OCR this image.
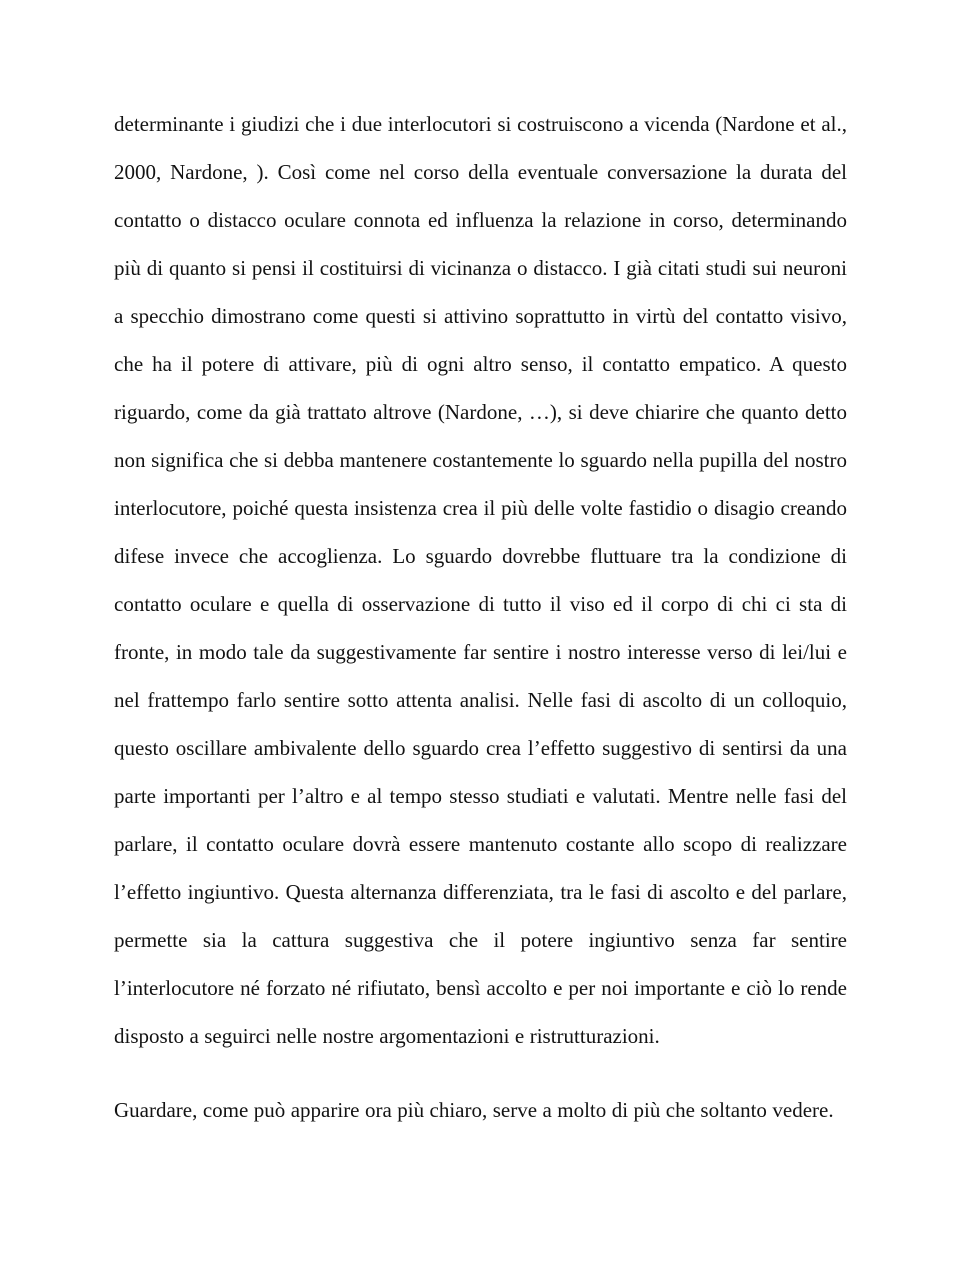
determinante i giudizi che i due interlocutori si costruiscono a vicenda (Nardone et al., 2000, Nardone, ). Così come nel corso della eventuale conversazione la durata del contatto o distacco oculare connota ed influenza la relazione in corso, determinando più di quanto si pensi il costituirsi di vicinanza o distacco. I già citati studi sui neuroni a specchio dimostrano come questi si attivino soprattutto in virtù del contatto visivo, che ha il potere di attivare, più di ogni altro senso, il contatto empatico. A questo riguardo, come da già trattato altrove (Nardone, …), si deve chiarire che quanto detto non significa che si debba mantenere costantemente lo sguardo nella pupilla del nostro interlocutore, poiché questa insistenza crea il più delle volte fastidio o disagio creando difese invece che accoglienza. Lo sguardo dovrebbe fluttuare tra la condizione di contatto oculare e quella di osservazione di tutto il viso ed il corpo di chi ci sta di fronte, in modo tale da suggestivamente far sentire i nostro interesse verso di lei/lui e nel frattempo farlo sentire sotto attenta analisi. Nelle fasi di ascolto di un colloquio, questo oscillare ambivalente dello sguardo crea l’effetto suggestivo di sentirsi da una parte importanti per l’altro e al tempo stesso studiati e valutati. Mentre nelle fasi del parlare, il contatto oculare dovrà essere mantenuto costante allo scopo di realizzare l’effetto ingiuntivo. Questa alternanza differenziata, tra le fasi di ascolto e del parlare, permette sia la cattura suggestiva che il potere ingiuntivo senza far sentire l’interlocutore né forzato né rifiutato, bensì accolto e per noi importante e ciò lo rende disposto a seguirci nelle nostre argomentazioni e ristrutturazioni.

Guardare, come può apparire ora più chiaro, serve a molto di più che soltanto vedere.
